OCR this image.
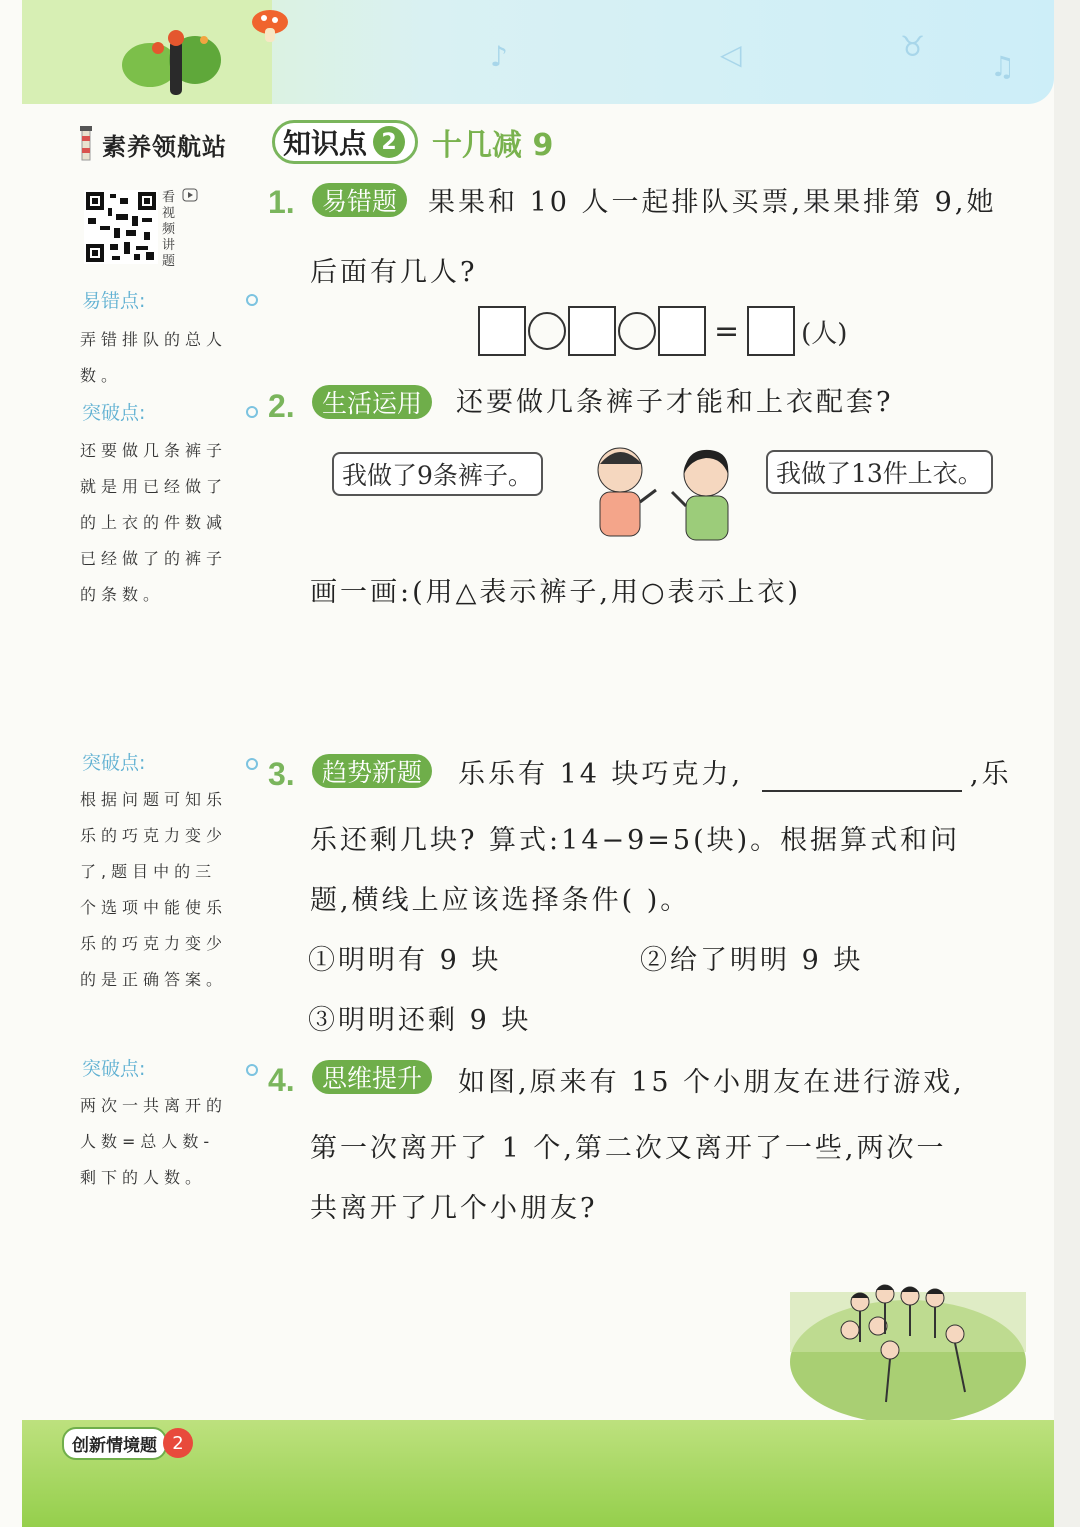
♪	◁	♉
♫
素养领航站
看视频讲题
易错点:
弄错排队的总人数。
突破点:
还要做几条裤子就是用已经做了的上衣的件数减已经做了的裤子的条数。
突破点:
根据问题可知乐乐的巧克力变少了,题目中的三个选项中能使乐乐的巧克力变少的是正确答案。
突破点:
两次一共离开的人数=总人数-剩下的人数。
知识点 2 十几减 9
1.	易错题	果果和 10 人一起排队买票,果果排第 9,她
后面有几人?
= (人)
2.	生活运用	还要做几条裤子才能和上衣配套?
我做了9条裤子。	我做了13件上衣。
画一画:(用△表示裤子,用○表示上衣)
3.	趋势新题	乐乐有 14 块巧克力,	,乐
乐还剩几块? 算式:14−9=5(块)。根据算式和问
题,横线上应该选择条件( )。
①明明有 9 块	②给了明明 9 块
③明明还剩 9 块
4.	思维提升	如图,原来有 15 个小朋友在进行游戏,
第一次离开了 1 个,第二次又离开了一些,两次一
共离开了几个小朋友?
创新情境题 2
